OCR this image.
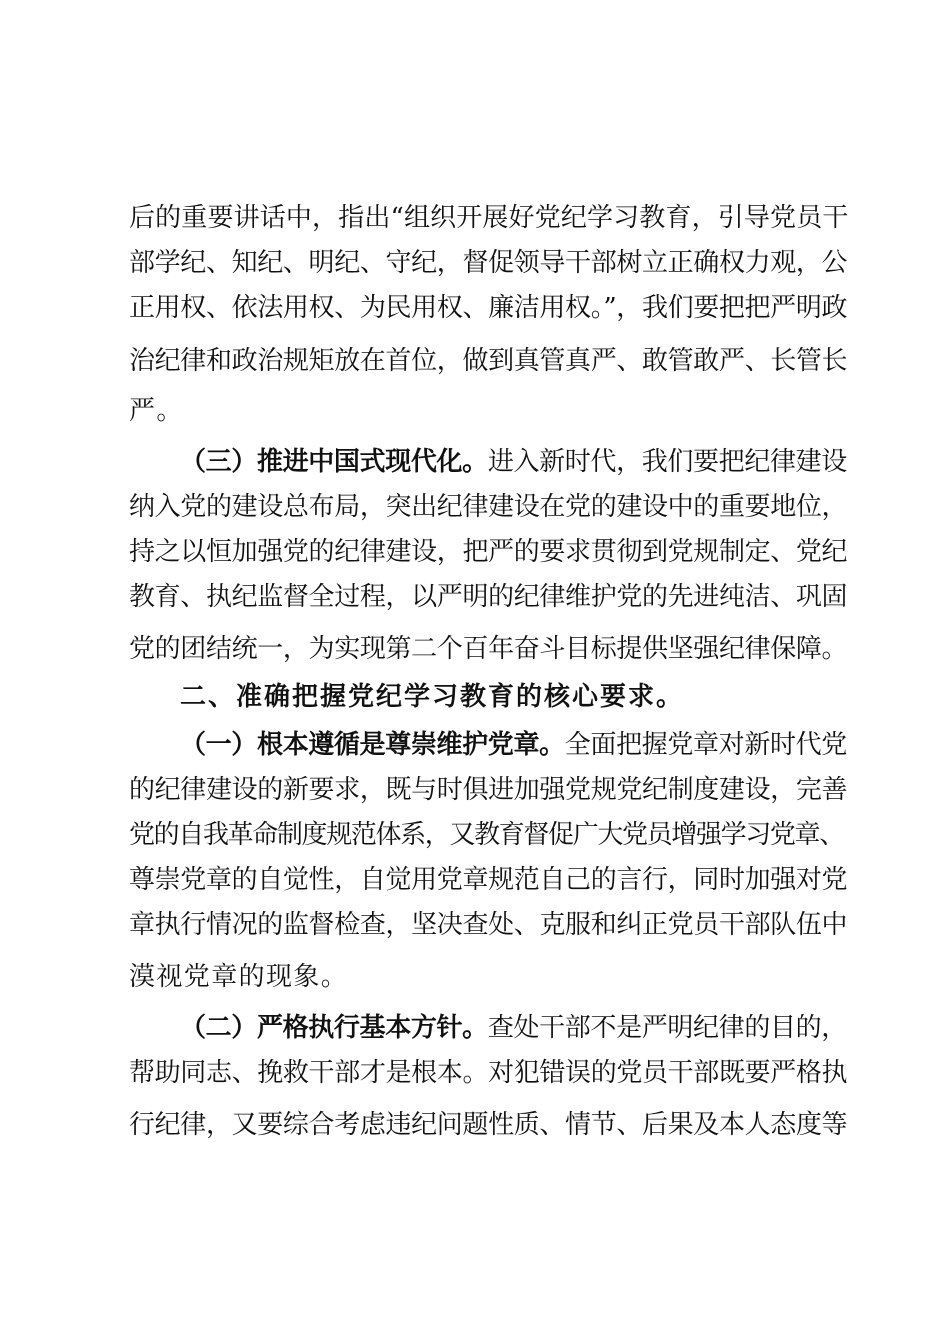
后的重要讲话中，指出“组织开展好党纪学习教育，引导党员干

部学纪、知纪、明纪、守纪，督促领导干部树立正确权力观，公

正用权、依法用权、为民用权、廉洁用权。”，我们要把把严明政

治纪律和政治规矩放在首位，做到真管真严、敢管敢严、长管长

严。

（三）推进中国式现代化。进入新时代，我们要把纪律建设

纳入党的建设总布局，突出纪律建设在党的建设中的重要地位，

持之以恒加强党的纪律建设，把严的要求贯彻到党规制定、党纪

教育、执纪监督全过程，以严明的纪律维护党的先进纯洁、巩固

党的团结统一，为实现第二个百年奋斗目标提供坚强纪律保障。

二、准确把握党纪学习教育的核心要求。

（一）根本遵循是尊崇维护党章。全面把握党章对新时代党

的纪律建设的新要求，既与时俱进加强党规党纪制度建设，完善

党的自我革命制度规范体系，又教育督促广大党员增强学习党章、

尊崇党章的自觉性，自觉用党章规范自己的言行，同时加强对党

章执行情况的监督检查，坚决查处、克服和纠正党员干部队伍中

漠视党章的现象。

（二）严格执行基本方针。查处干部不是严明纪律的目的，

帮助同志、挽救干部才是根本。对犯错误的党员干部既要严格执

行纪律，又要综合考虑违纪问题性质、情节、后果及本人态度等
